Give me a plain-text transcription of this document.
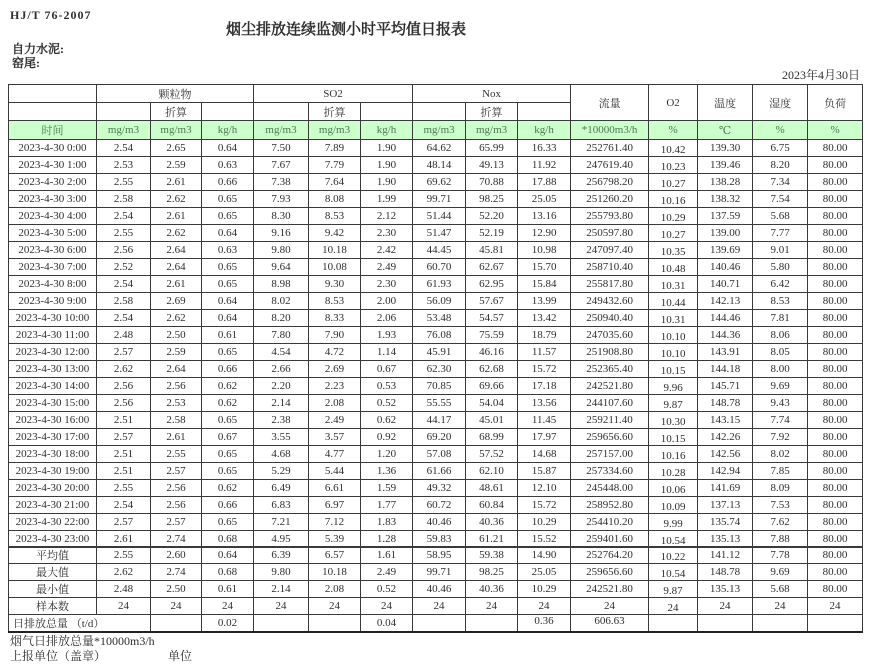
HJ/T 76-2007
烟尘排放连续监测小时平均值日报表
自力水泥:
窑尾:
2023年4月30日
	颗粒物			SO2			Nox			流量	O2	温度	湿度	负荷
		折算			折算			折算						
时间	mg/m3	mg/m3	kg/h	mg/m3	mg/m3	kg/h	mg/m3	mg/m3	kg/h	*10000m3/h	%	℃	%	%
2023-4-30 0:00	2.54	2.65	0.64	7.50	7.89	1.90	64.62	65.99	16.33	252761.40	10.42	139.30	6.75	80.00
2023-4-30 1:00	2.53	2.59	0.63	7.67	7.79	1.90	48.14	49.13	11.92	247619.40	10.23	139.46	8.20	80.00
2023-4-30 2:00	2.55	2.61	0.66	7.38	7.64	1.90	69.62	70.88	17.88	256798.20	10.27	138.28	7.34	80.00
2023-4-30 3:00	2.58	2.62	0.65	7.93	8.08	1.99	99.71	98.25	25.05	251260.20	10.16	138.32	7.54	80.00
2023-4-30 4:00	2.54	2.61	0.65	8.30	8.53	2.12	51.44	52.20	13.16	255793.80	10.29	137.59	5.68	80.00
2023-4-30 5:00	2.55	2.62	0.64	9.16	9.42	2.30	51.47	52.19	12.90	250597.80	10.27	139.00	7.77	80.00
2023-4-30 6:00	2.56	2.64	0.63	9.80	10.18	2.42	44.45	45.81	10.98	247097.40	10.35	139.69	9.01	80.00
2023-4-30 7:00	2.52	2.64	0.65	9.64	10.08	2.49	60.70	62.67	15.70	258710.40	10.48	140.46	5.80	80.00
2023-4-30 8:00	2.54	2.61	0.65	8.98	9.30	2.30	61.93	62.95	15.84	255817.80	10.31	140.71	6.42	80.00
2023-4-30 9:00	2.58	2.69	0.64	8.02	8.53	2.00	56.09	57.67	13.99	249432.60	10.44	142.13	8.53	80.00
2023-4-30 10:00	2.54	2.62	0.64	8.20	8.33	2.06	53.48	54.57	13.42	250940.40	10.31	144.46	7.81	80.00
2023-4-30 11:00	2.48	2.50	0.61	7.80	7.90	1.93	76.08	75.59	18.79	247035.60	10.10	144.36	8.06	80.00
2023-4-30 12:00	2.57	2.59	0.65	4.54	4.72	1.14	45.91	46.16	11.57	251908.80	10.10	143.91	8.05	80.00
2023-4-30 13:00	2.62	2.64	0.66	2.66	2.69	0.67	62.30	62.68	15.72	252365.40	10.15	144.18	8.00	80.00
2023-4-30 14:00	2.56	2.56	0.62	2.20	2.23	0.53	70.85	69.66	17.18	242521.80	9.96	145.71	9.69	80.00
2023-4-30 15:00	2.56	2.53	0.62	2.14	2.08	0.52	55.55	54.04	13.56	244107.60	9.87	148.78	9.43	80.00
2023-4-30 16:00	2.51	2.58	0.65	2.38	2.49	0.62	44.17	45.01	11.45	259211.40	10.30	143.15	7.74	80.00
2023-4-30 17:00	2.57	2.61	0.67	3.55	3.57	0.92	69.20	68.99	17.97	259656.60	10.15	142.26	7.92	80.00
2023-4-30 18:00	2.51	2.55	0.65	4.68	4.77	1.20	57.08	57.52	14.68	257157.00	10.16	142.56	8.02	80.00
2023-4-30 19:00	2.51	2.57	0.65	5.29	5.44	1.36	61.66	62.10	15.87	257334.60	10.28	142.94	7.85	80.00
2023-4-30 20:00	2.55	2.56	0.62	6.49	6.61	1.59	49.32	48.61	12.10	245448.00	10.06	141.69	8.09	80.00
2023-4-30 21:00	2.54	2.56	0.66	6.83	6.97	1.77	60.72	60.84	15.72	258952.80	10.09	137.13	7.53	80.00
2023-4-30 22:00	2.57	2.57	0.65	7.21	7.12	1.83	40.46	40.36	10.29	254410.20	9.99	135.74	7.62	80.00
2023-4-30 23:00	2.61	2.74	0.68	4.95	5.39	1.28	59.83	61.21	15.52	259401.60	10.54	135.13	7.88	80.00

平均值	2.55	2.60	0.64	6.39	6.57	1.61	58.95	59.38	14.90	252764.20	10.22	141.12	7.78	80.00
最大值	2.62	2.74	0.68	9.80	10.18	2.49	99.71	98.25	25.05	259656.60	10.54	148.78	9.69	80.00
最小值	2.48	2.50	0.61	2.14	2.08	0.52	40.46	40.36	10.29	242521.80	9.87	135.13	5.68	80.00
样本数	24	24	24	24	24	24	24	24	24	24	24	24	24	24
日排放总量 （t/d）			0.02			0.04			0.36	606.63				
烟气日排放总量*10000m3/h
上报单位（盖章）	单位
